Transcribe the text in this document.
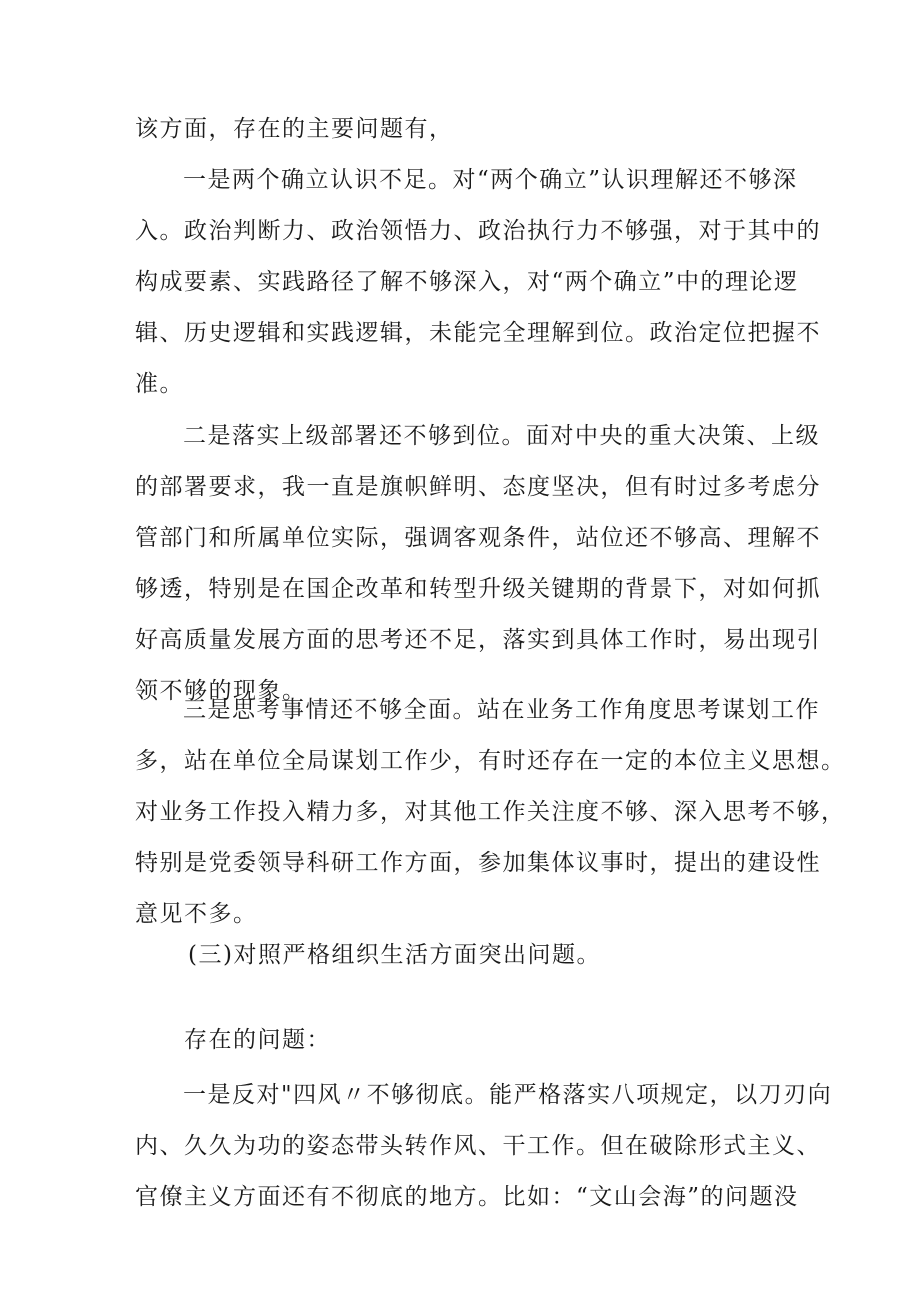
该方面，存在的主要问题有，

一是两个确立认识不足。对“两个确立”认识理解还不够深
入。政治判断力、政治领悟力、政治执行力不够强，对于其中的
构成要素、实践路径了解不够深入，对“两个确立”中的理论逻
辑、历史逻辑和实践逻辑，未能完全理解到位。政治定位把握不
准。

二是落实上级部署还不够到位。面对中央的重大决策、上级
的部署要求，我一直是旗帜鲜明、态度坚决，但有时过多考虑分
管部门和所属单位实际，强调客观条件，站位还不够高、理解不
够透，特别是在国企改革和转型升级关键期的背景下，对如何抓
好高质量发展方面的思考还不足，落实到具体工作时，易出现引
领不够的现象。

三是思考事情还不够全面。站在业务工作角度思考谋划工作
多，站在单位全局谋划工作少，有时还存在一定的本位主义思想。
对业务工作投入精力多，对其他工作关注度不够、深入思考不够，
特别是党委领导科研工作方面，参加集体议事时，提出的建设性
意见不多。

(三)对照严格组织生活方面突出问题。

存在的问题：

一是反对"四风〃不够彻底。能严格落实八项规定，以刀刃向
内、久久为功的姿态带头转作风、干工作。但在破除形式主义、
官僚主义方面还有不彻底的地方。比如：“文山会海”的问题没
